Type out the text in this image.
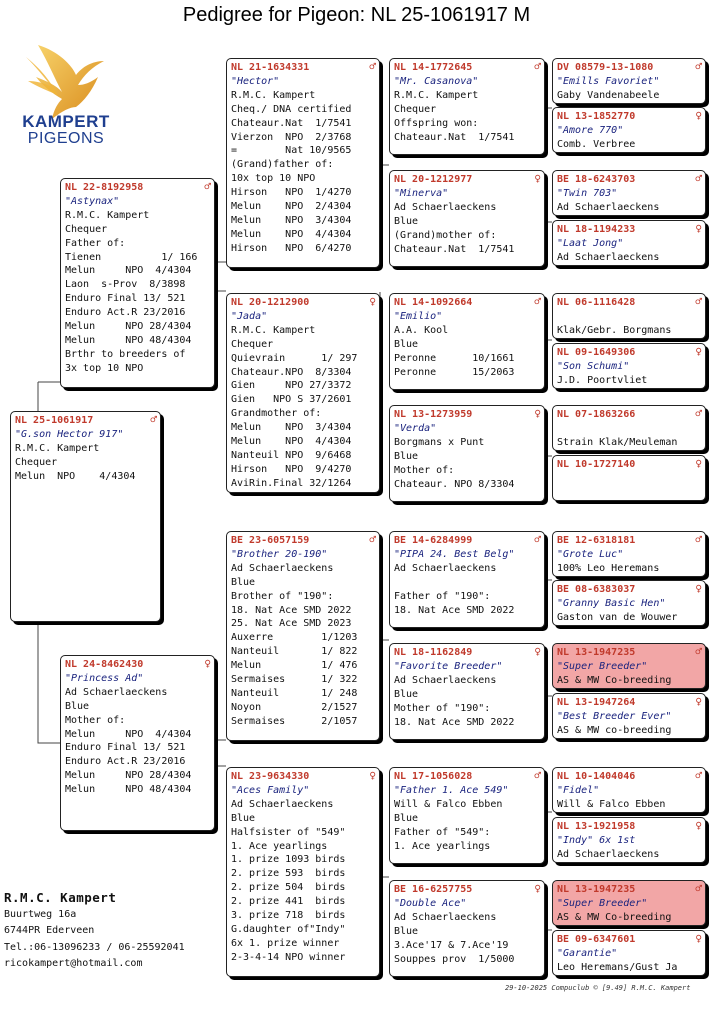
Pedigree for Pigeon: NL 25-1061917 M
KAMPERT
PIGEONS
NL 25-1061917	♂
"G.son Hector 917"
R.M.C. Kampert
Chequer
Melun  NPO    4/4304
NL 22-8192958	♂
"Astynax"
R.M.C. Kampert
Chequer
Father of:
Tienen          1/ 166
Melun     NPO  4/4304
Laon  s-Prov  8/3898
Enduro Final 13/ 521
Enduro Act.R 23/2016
Melun     NPO 28/4304
Melun     NPO 48/4304
Brthr to breeders of
3x top 10 NPO
NL 24-8462430	♀
"Princess Ad"
Ad Schaerlaeckens
Blue
Mother of:
Melun     NPO  4/4304
Enduro Final 13/ 521
Enduro Act.R 23/2016
Melun     NPO 28/4304
Melun     NPO 48/4304
NL 21-1634331	♂
"Hector"
R.M.C. Kampert
Cheq./ DNA certified
Chateaur.Nat  1/7541
Vierzon  NPO  2/3768
=        Nat 10/9565
(Grand)father of:
10x top 10 NPO
Hirson   NPO  1/4270
Melun    NPO  2/4304
Melun    NPO  3/4304
Melun    NPO  4/4304
Hirson   NPO  6/4270
NL 20-1212900	♀
"Jada"
R.M.C. Kampert
Chequer
Quievrain      1/ 297
Chateaur.NPO  8/3304
Gien     NPO 27/3372
Gien   NPO S 37/2601
Grandmother of:
Melun    NPO  3/4304
Melun    NPO  4/4304
Nanteuil NPO  9/6468
Hirson   NPO  9/4270
AviRin.Final 32/1264
BE 23-6057159	♂
"Brother 20-190"
Ad Schaerlaeckens
Blue
Brother of "190":
18. Nat Ace SMD 2022
25. Nat Ace SMD 2023
Auxerre        1/1203
Nanteuil       1/ 822
Melun          1/ 476
Sermaises      1/ 322
Nanteuil       1/ 248
Noyon          2/1527
Sermaises      2/1057
NL 23-9634330	♀
"Aces Family"
Ad Schaerlaeckens
Blue
Halfsister of "549"
1. Ace yearlings
1. prize 1093 birds
2. prize 593  birds
2. prize 504  birds
2. prize 441  birds
3. prize 718  birds
G.daughter of"Indy"
6x 1. prize winner
2-3-4-14 NPO winner
NL 14-1772645	♂
"Mr. Casanova"
R.M.C. Kampert
Chequer
Offspring won:
Chateaur.Nat  1/7541
NL 20-1212977	♀
"Minerva"
Ad Schaerlaeckens
Blue
(Grand)mother of:
Chateaur.Nat  1/7541
NL 14-1092664	♂
"Emilio"
A.A. Kool
Blue
Peronne      10/1661
Peronne      15/2063
NL 13-1273959	♀
"Verda"
Borgmans x Punt
Blue
Mother of:
Chateaur. NPO 8/3304
BE 14-6284999	♂
"PIPA 24. Best Belg"
Ad Schaerlaeckens

Father of "190":
18. Nat Ace SMD 2022
NL 18-1162849	♀
"Favorite Breeder"
Ad Schaerlaeckens
Blue
Mother of "190":
18. Nat Ace SMD 2022
NL 17-1056028	♂
"Father 1. Ace 549"
Will & Falco Ebben
Blue
Father of "549":
1. Ace yearlings
BE 16-6257755	♀
"Double Ace"
Ad Schaerlaeckens
Blue
3.Ace'17 & 7.Ace'19
Souppes prov  1/5000
DV 08579-13-1080	♂
"Emills Favoriet"
Gaby Vandenabeele
NL 13-1852770	♀
"Amore 770"
Comb. Verbree
BE 18-6243703	♂
"Twin 703"
Ad Schaerlaeckens
NL 18-1194233	♀
"Laat Jong"
Ad Schaerlaeckens
NL 06-1116428	♂

Klak/Gebr. Borgmans
NL 09-1649306	♀
"Son Schumi"
J.D. Poortvliet
NL 07-1863266	♂

Strain Klak/Meuleman
NL 10-1727140	♀
BE 12-6318181	♂
"Grote Luc"
100% Leo Heremans
BE 08-6383037	♀
"Granny Basic Hen"
Gaston van de Wouwer
NL 13-1947235	♂
"Super Breeder"
AS & MW Co-breeding
NL 13-1947264	♀
"Best Breeder Ever"
AS & MW co-breeding
NL 10-1404046	♂
"Fidel"
Will & Falco Ebben
NL 13-1921958	♀
"Indy" 6x 1st
Ad Schaerlaeckens
NL 13-1947235	♂
"Super Breeder"
AS & MW Co-breeding
BE 09-6347601	♀
"Garantie"
Leo Heremans/Gust Ja
R.M.C. Kampert
Buurtweg 16a
6744PR Ederveen
Tel.:06-13096233 / 06-25592041
ricokampert@hotmail.com
29-10-2025 Compuclub © [9.49] R.M.C. Kampert
